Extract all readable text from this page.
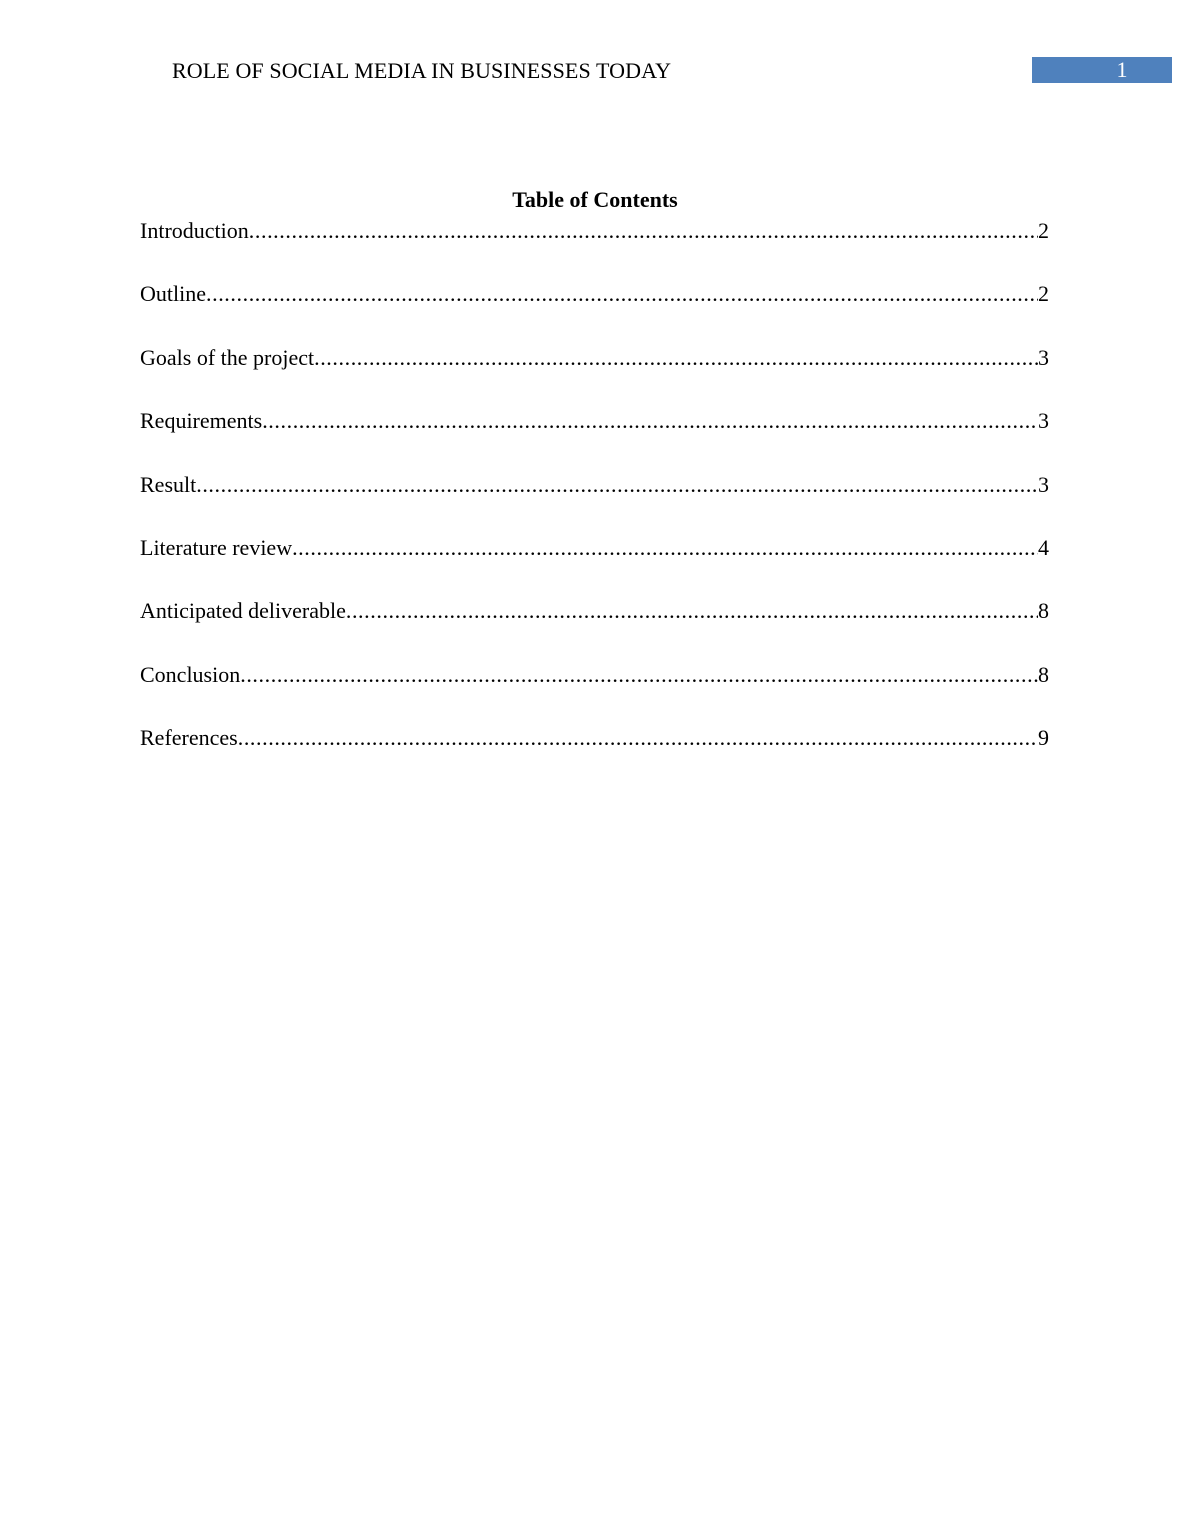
ROLE OF SOCIAL MEDIA IN BUSINESSES TODAY	1
Table of Contents
Introduction .....	2
Outline .....	2
Goals of the project .....	3
Requirements .....	3
Result .....	3
Literature review .....	4
Anticipated deliverable .....	8
Conclusion .....	8
References .....	9
